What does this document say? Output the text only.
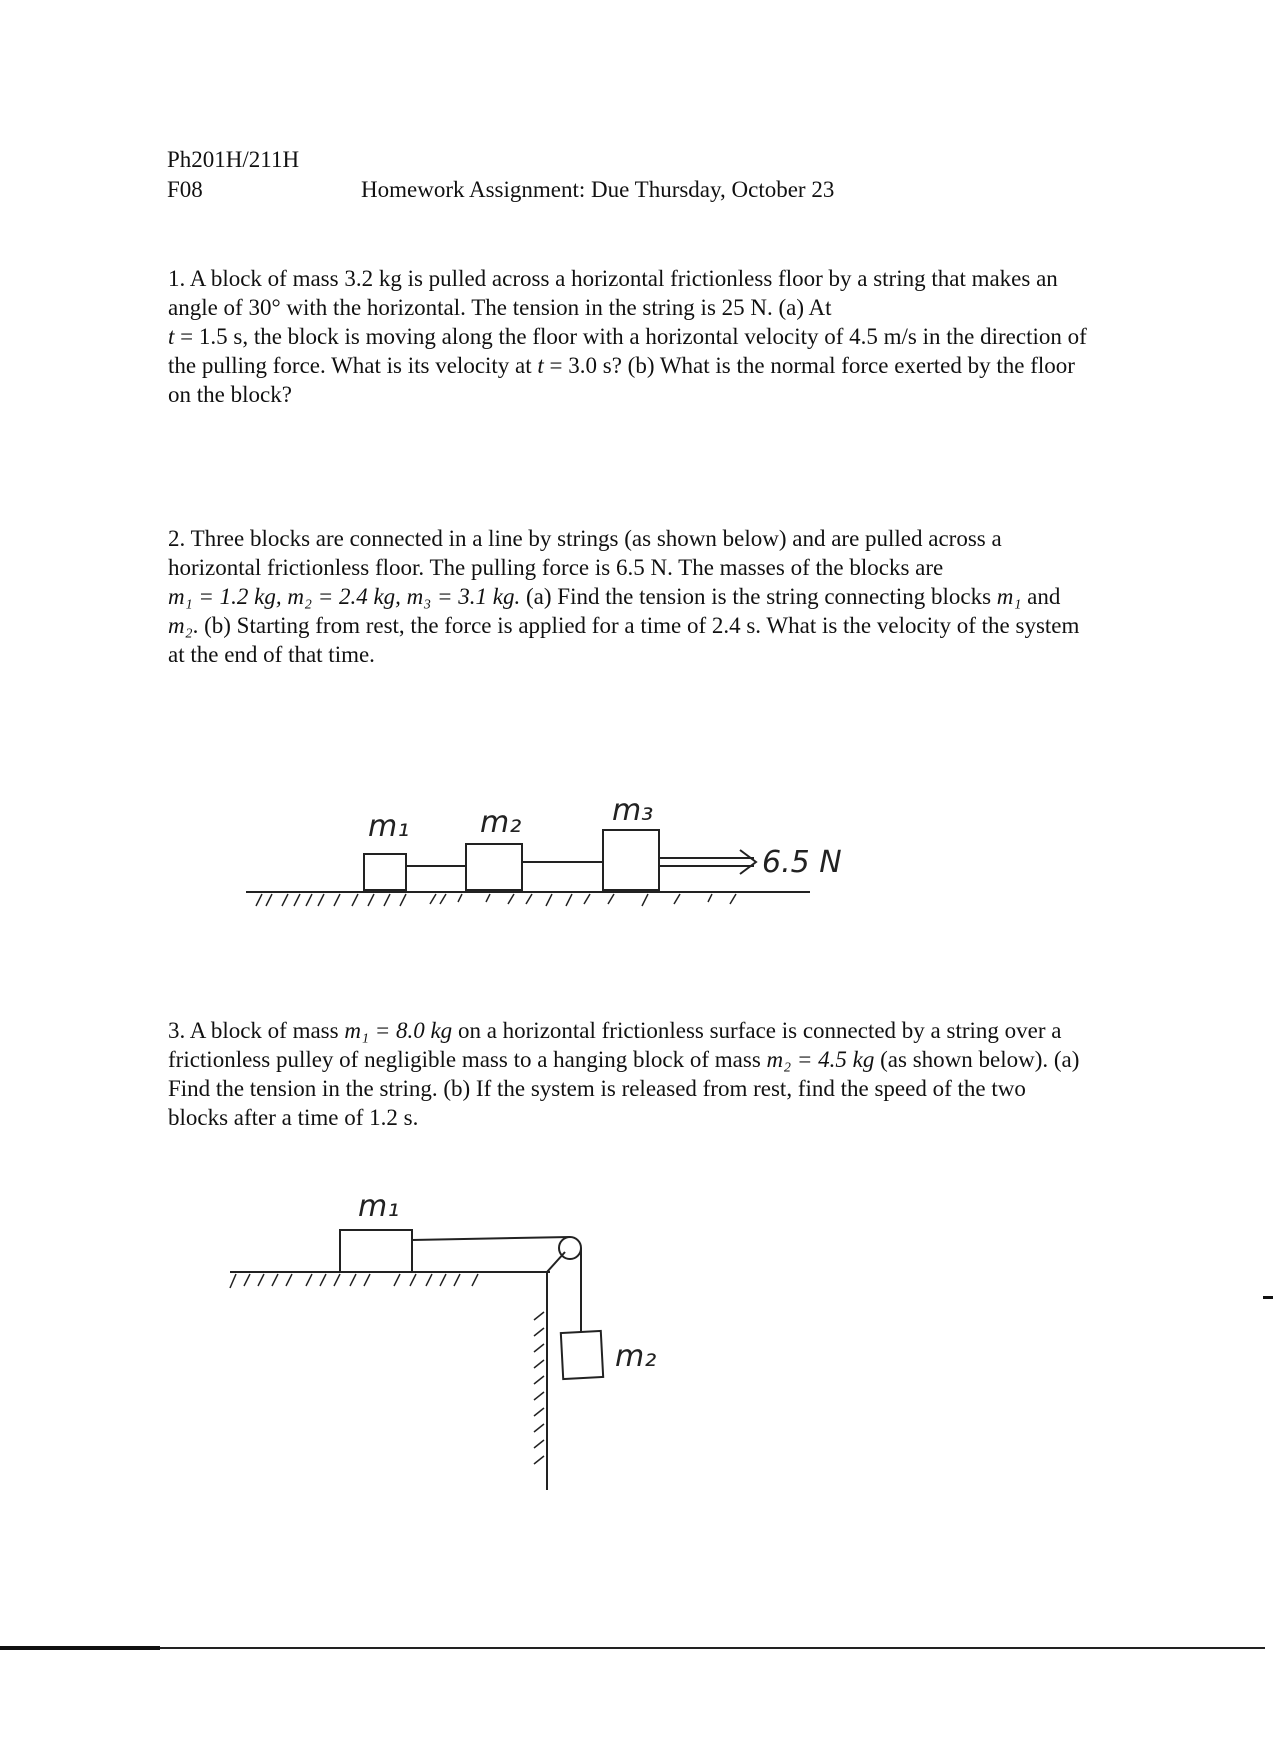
Ph201H/211H
F08	Homework Assignment: Due Thursday, October 23

1. A block of mass 3.2 kg is pulled across a horizontal frictionless floor by a string that makes an angle of 30° with the horizontal. The tension in the string is 25 N. (a) At
t = 1.5 s, the block is moving along the floor with a horizontal velocity of 4.5 m/s in the direction of the pulling force. What is its velocity at t = 3.0 s? (b) What is the normal force exerted by the floor on the block?

2. Three blocks are connected in a line by strings (as shown below) and are pulled across a horizontal frictionless floor. The pulling force is 6.5 N. The masses of the blocks are
m₁ = 1.2 kg, m₂ = 2.4 kg, m₃ = 3.1 kg. (a) Find the tension is the string connecting blocks m₁ and m₂. (b) Starting from rest, the force is applied for a time of 2.4 s. What is the velocity of the system at the end of that time.

m₁ m₂	m₃
6.5 N

3. A block of mass m₁ = 8.0 kg on a horizontal frictionless surface is connected by a string over a frictionless pulley of negligible mass to a hanging block of mass m₂ = 4.5 kg (as shown below). (a) Find the tension in the string. (b) If the system is released from rest, find the speed of the two blocks after a time of 1.2 s.

m₁
m₂
